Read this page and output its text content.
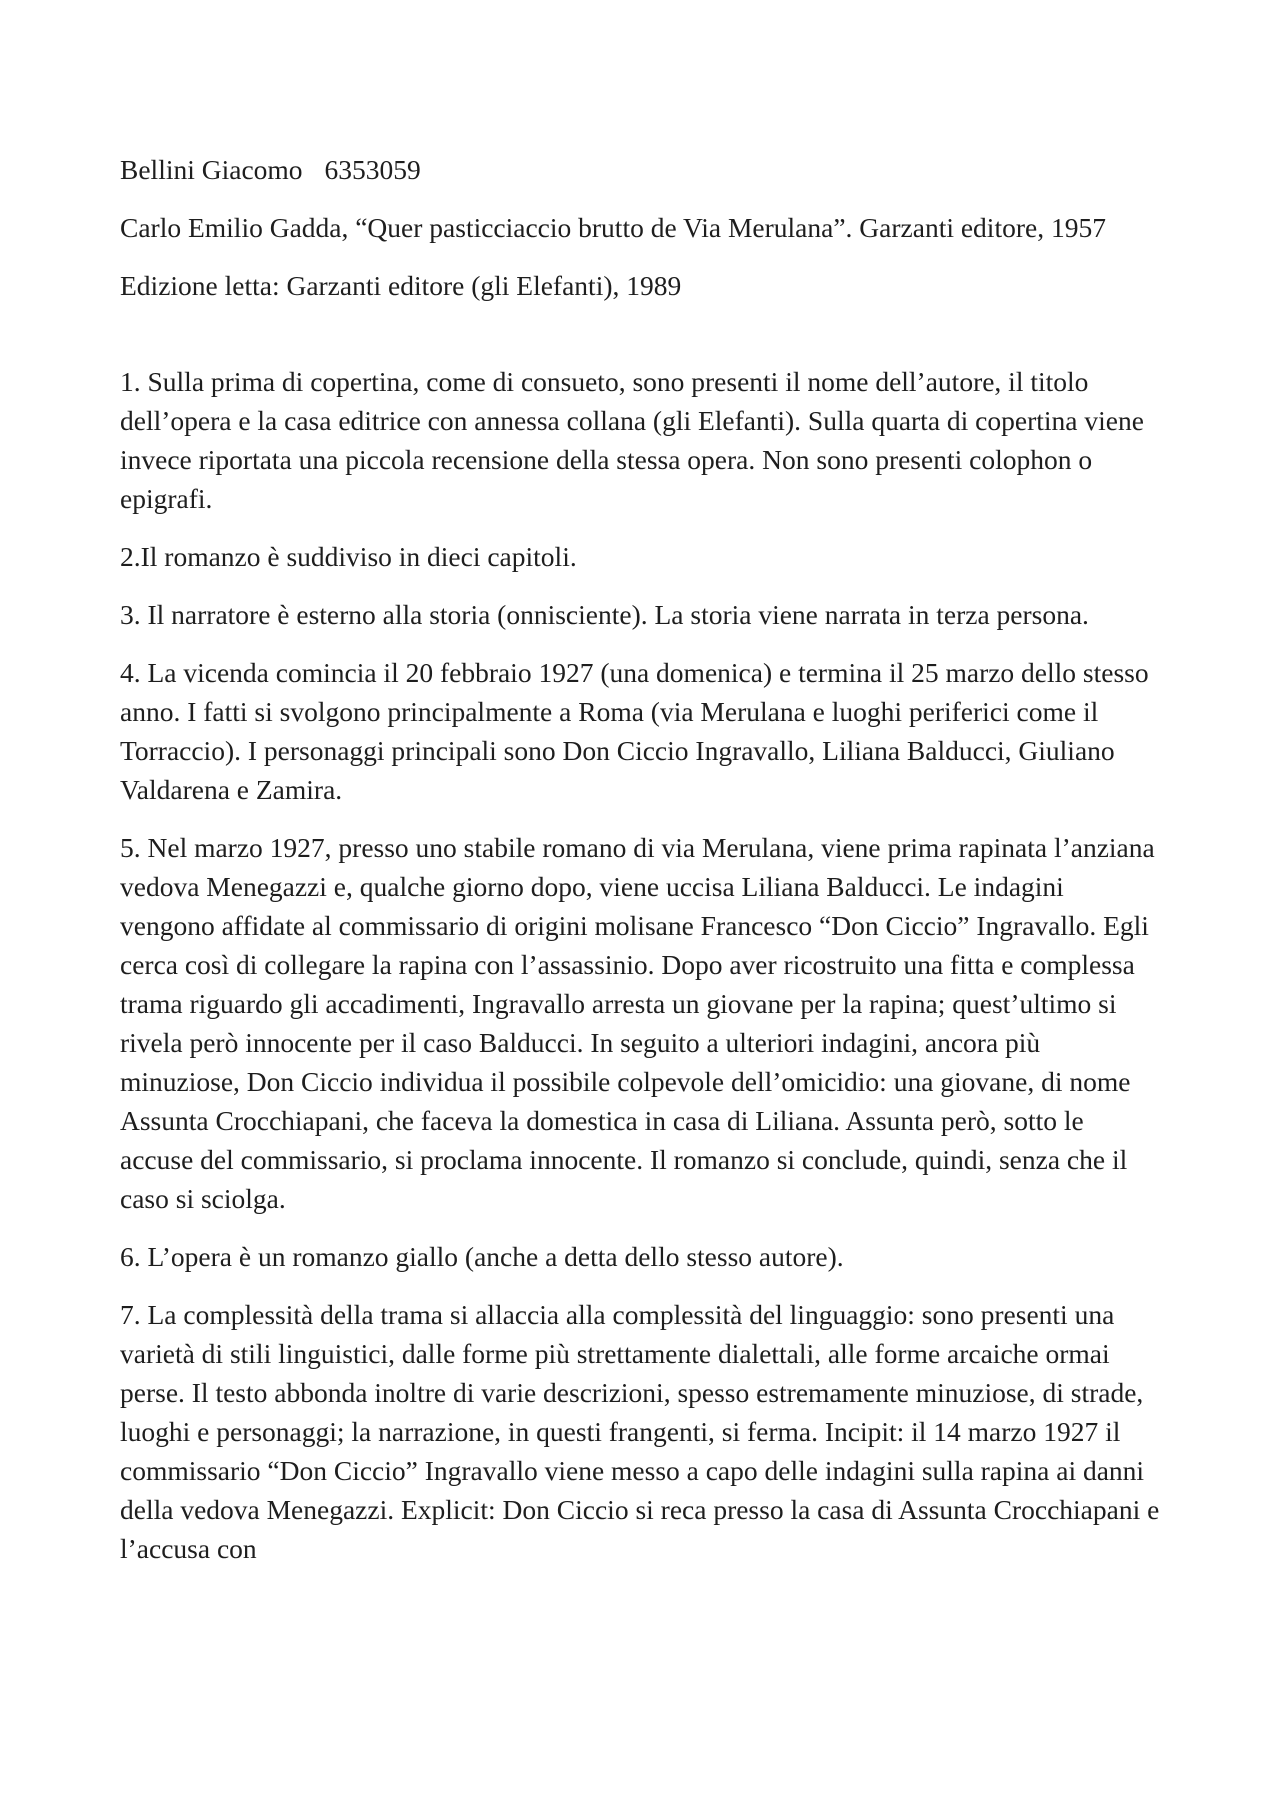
Bellini Giacomo 6353059

Carlo Emilio Gadda, “Quer pasticciaccio brutto de Via Merulana”. Garzanti editore, 1957

Edizione letta: Garzanti editore (gli Elefanti), 1989

1. Sulla prima di copertina, come di consueto, sono presenti il nome dell’autore, il titolo dell’opera e la casa editrice con annessa collana (gli Elefanti). Sulla quarta di copertina viene invece riportata una piccola recensione della stessa opera. Non sono presenti colophon o epigrafi.

2.Il romanzo è suddiviso in dieci capitoli.

3. Il narratore è esterno alla storia (onnisciente). La storia viene narrata in terza persona.

4. La vicenda comincia il 20 febbraio 1927 (una domenica) e termina il 25 marzo dello stesso anno. I fatti si svolgono principalmente a Roma (via Merulana e luoghi periferici come il Torraccio). I personaggi principali sono Don Ciccio Ingravallo, Liliana Balducci, Giuliano Valdarena e Zamira.

5. Nel marzo 1927, presso uno stabile romano di via Merulana, viene prima rapinata l’anziana vedova Menegazzi e, qualche giorno dopo, viene uccisa Liliana Balducci. Le indagini vengono affidate al commissario di origini molisane Francesco “Don Ciccio” Ingravallo. Egli cerca così di collegare la rapina con l’assassinio. Dopo aver ricostruito una fitta e complessa trama riguardo gli accadimenti, Ingravallo arresta un giovane per la rapina; quest’ultimo si rivela però innocente per il caso Balducci. In seguito a ulteriori indagini, ancora più minuziose, Don Ciccio individua il possibile colpevole dell’omicidio: una giovane, di nome Assunta Crocchiapani, che faceva la domestica in casa di Liliana. Assunta però, sotto le accuse del commissario, si proclama innocente. Il romanzo si conclude, quindi, senza che il caso si sciolga.

6. L’opera è un romanzo giallo (anche a detta dello stesso autore).

7. La complessità della trama si allaccia alla complessità del linguaggio: sono presenti una varietà di stili linguistici, dalle forme più strettamente dialettali, alle forme arcaiche ormai perse. Il testo abbonda inoltre di varie descrizioni, spesso estremamente minuziose, di strade, luoghi e personaggi; la narrazione, in questi frangenti, si ferma. Incipit: il 14 marzo 1927 il commissario “Don Ciccio” Ingravallo viene messo a capo delle indagini sulla rapina ai danni della vedova Menegazzi. Explicit: Don Ciccio si reca presso la casa di Assunta Crocchiapani e l’accusa con
